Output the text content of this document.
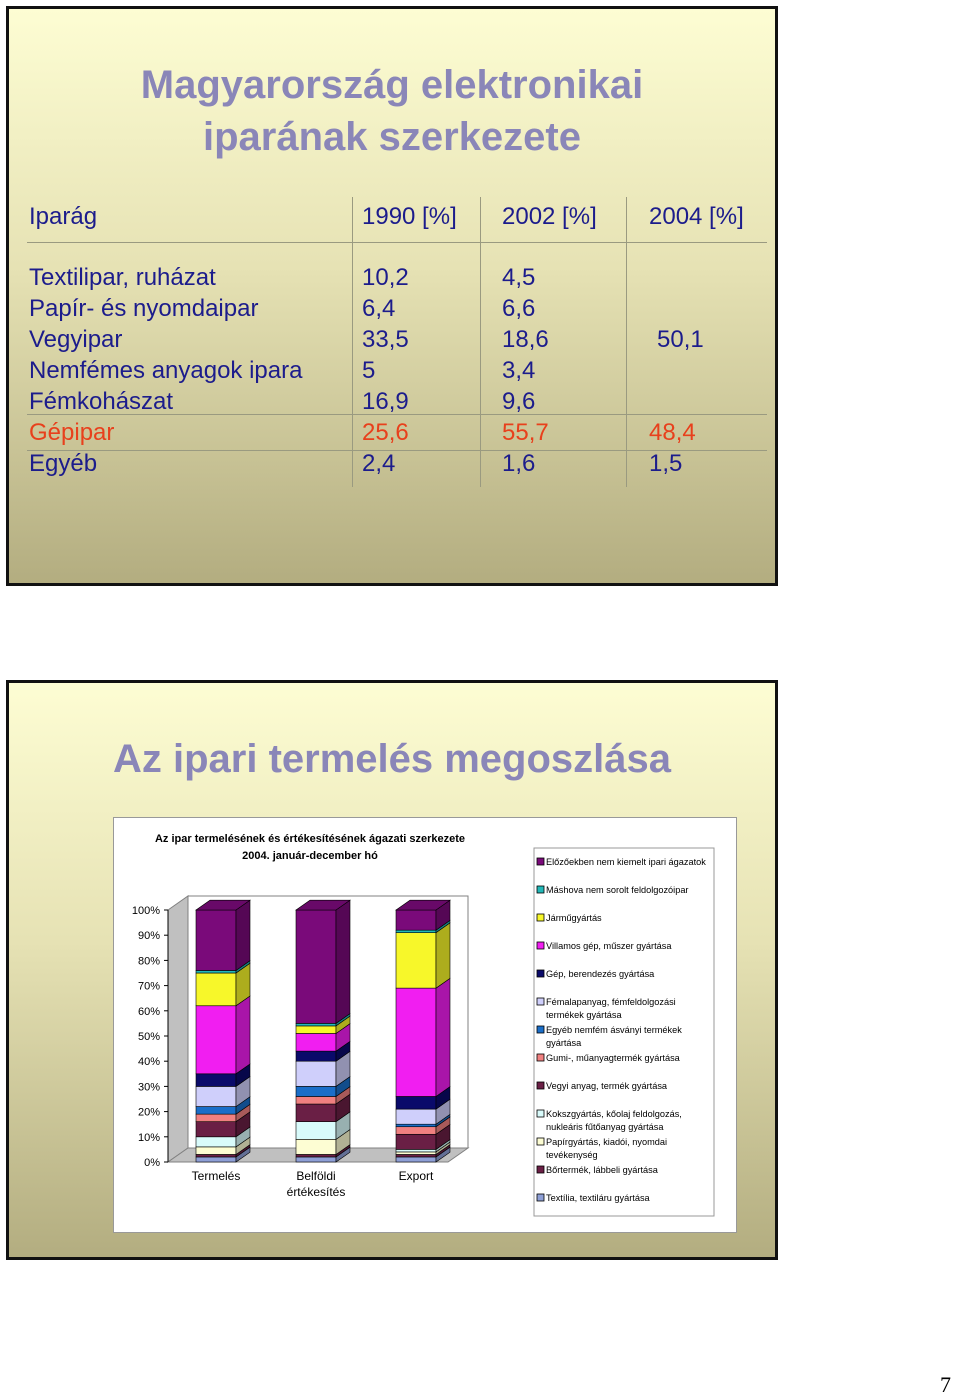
Magyarország elektronikai
iparának szerkezete
Iparág	1990 [%] 2002 [%] 2004 [%]
Textilipar, ruházat	10,2	4,5
Papír- és nyomdaipar	6,4	6,6
Vegyipar	33,5	18,6	50,1
Nemfémes anyagok ipara 5	3,4
Fémkohászat	16,9	9,6
Gépipar	25,6	55,7	48,4
Egyéb	2,4	1,6	1,5
Az ipari termelés megoszlása
Az ipar termelésének és értékesítésének ágazati szerkezete
2004. január-december hó
0%
10%
20%
30%
40%
50%
60%
70%
80%
90%
100%
Termelés	Belföldi
értékesítés
Export
Előzőekben nem kiemelt ipari ágazatok
Máshova nem sorolt feldolgozóipar
Járműgyártás
Villamos gép, műszer gyártása
Gép, berendezés gyártása
Fémalapanyag, fémfeldolgozási
termékek gyártása
Egyéb nemfém ásványi termékek
gyártása
Gumi-, műanyagtermék gyártása
Vegyi anyag, termék gyártása
Kokszgyártás, kőolaj feldolgozás,
nukleáris fűtőanyag gyártása
Papírgyártás, kiadói, nyomdai
tevékenység
Bőrtermék, lábbeli gyártása
Textília, textiláru gyártása
7
